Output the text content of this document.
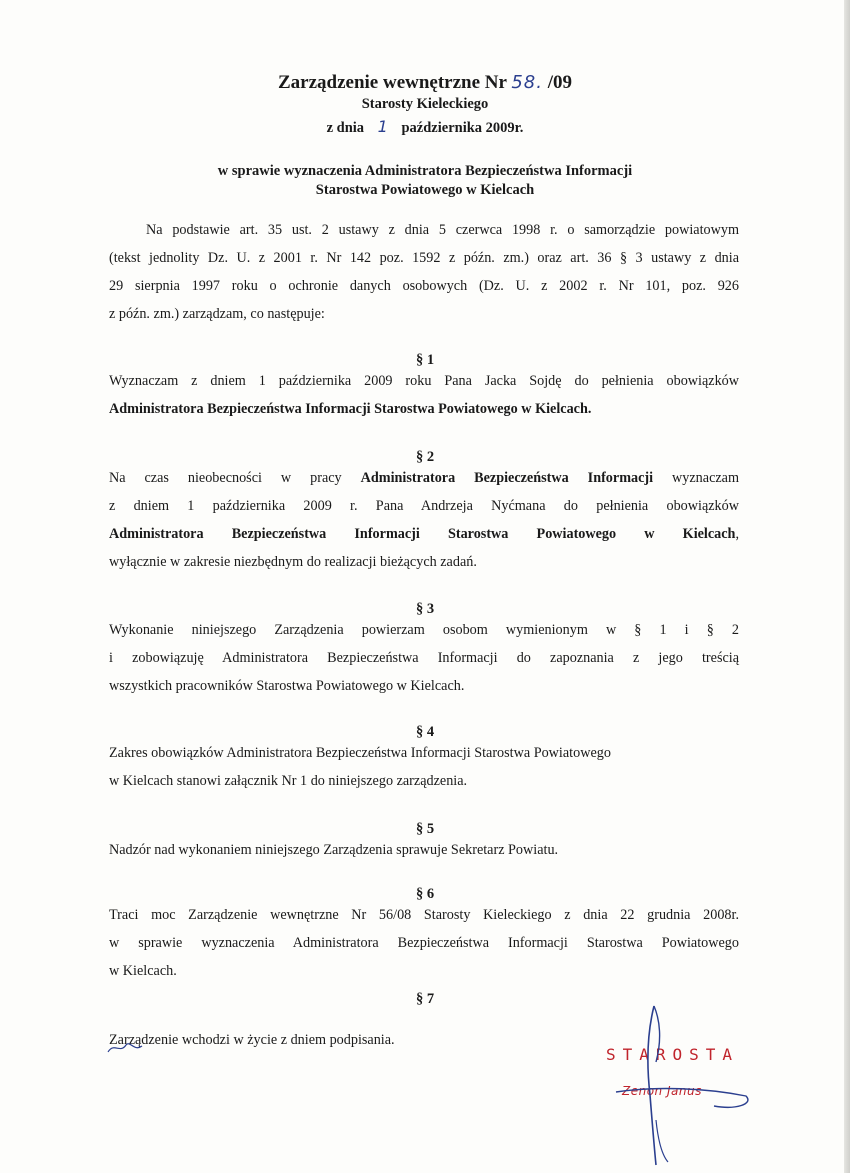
Zarządzenie wewnętrzne Nr 58. /09

Starosty Kieleckiego

z dnia 1 października 2009r.

w sprawie wyznaczenia Administratora Bezpieczeństwa Informacji

Starostwa Powiatowego w Kielcach

Na podstawie art. 35 ust. 2 ustawy z dnia 5 czerwca 1998 r. o samorządzie powiatowym

(tekst jednolity Dz. U. z 2001 r. Nr 142 poz. 1592 z późn. zm.) oraz art. 36 § 3 ustawy z dnia

29 sierpnia 1997 roku o ochronie danych osobowych (Dz. U. z 2002 r. Nr 101, poz. 926

z późn. zm.) zarządzam, co następuje:

§ 1

Wyznaczam z dniem 1 października 2009 roku Pana Jacka Sojdę do pełnienia obowiązków

Administratora Bezpieczeństwa Informacji Starostwa Powiatowego w Kielcach.

§ 2

Na czas nieobecności w pracy Administratora Bezpieczeństwa Informacji wyznaczam

z dniem 1 października 2009 r. Pana Andrzeja Nyćmana do pełnienia obowiązków

Administratora Bezpieczeństwa Informacji Starostwa Powiatowego w Kielcach,

wyłącznie w zakresie niezbędnym do realizacji bieżących zadań.

§ 3

Wykonanie niniejszego Zarządzenia powierzam osobom wymienionym w § 1 i § 2

i zobowiązuję Administratora Bezpieczeństwa Informacji do zapoznania z jego treścią

wszystkich pracowników Starostwa Powiatowego w Kielcach.

§ 4

Zakres obowiązków Administratora Bezpieczeństwa Informacji Starostwa Powiatowego

w Kielcach stanowi załącznik Nr 1 do niniejszego zarządzenia.

§ 5

Nadzór nad wykonaniem niniejszego Zarządzenia sprawuje Sekretarz Powiatu.

§ 6

Traci moc Zarządzenie wewnętrzne Nr 56/08 Starosty Kieleckiego z dnia 22 grudnia 2008r.

w sprawie wyznaczenia Administratora Bezpieczeństwa Informacji Starostwa Powiatowego

w Kielcach.

§ 7

Zarządzenie wchodzi w życie z dniem podpisania.

STAROSTA
Zenon Janus
